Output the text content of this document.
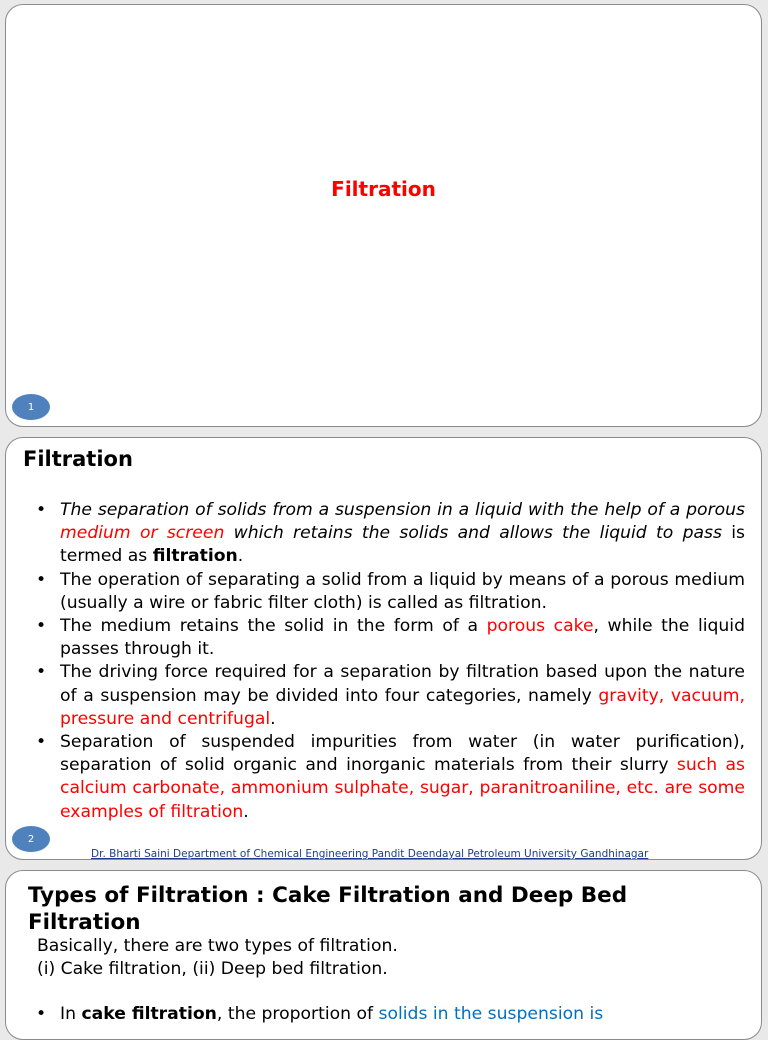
Filtration
1
Filtration
• The separation of solids from a suspension in a liquid with the help of a porous medium or screen which retains the solids and allows the liquid to pass is termed as filtration.
• The operation of separating a solid from a liquid by means of a porous medium (usually a wire or fabric filter cloth) is called as filtration.
• The medium retains the solid in the form of a porous cake, while the liquid passes through it.
• The driving force required for a separation by filtration based upon the nature of a suspension may be divided into four categories, namely gravity, vacuum, pressure and centrifugal.
• Separation of suspended impurities from water (in water purification), separation of solid organic and inorganic materials from their slurry such as calcium carbonate, ammonium sulphate, sugar, paranitroaniline, etc. are some examples of filtration.
2
Dr. Bharti Saini Department of Chemical Engineering Pandit Deendayal Petroleum University Gandhinagar
Types of Filtration : Cake Filtration and Deep Bed Filtration
Basically, there are two types of filtration.
(i) Cake filtration, (ii) Deep bed filtration.
• In cake filtration, the proportion of solids in the suspension is
